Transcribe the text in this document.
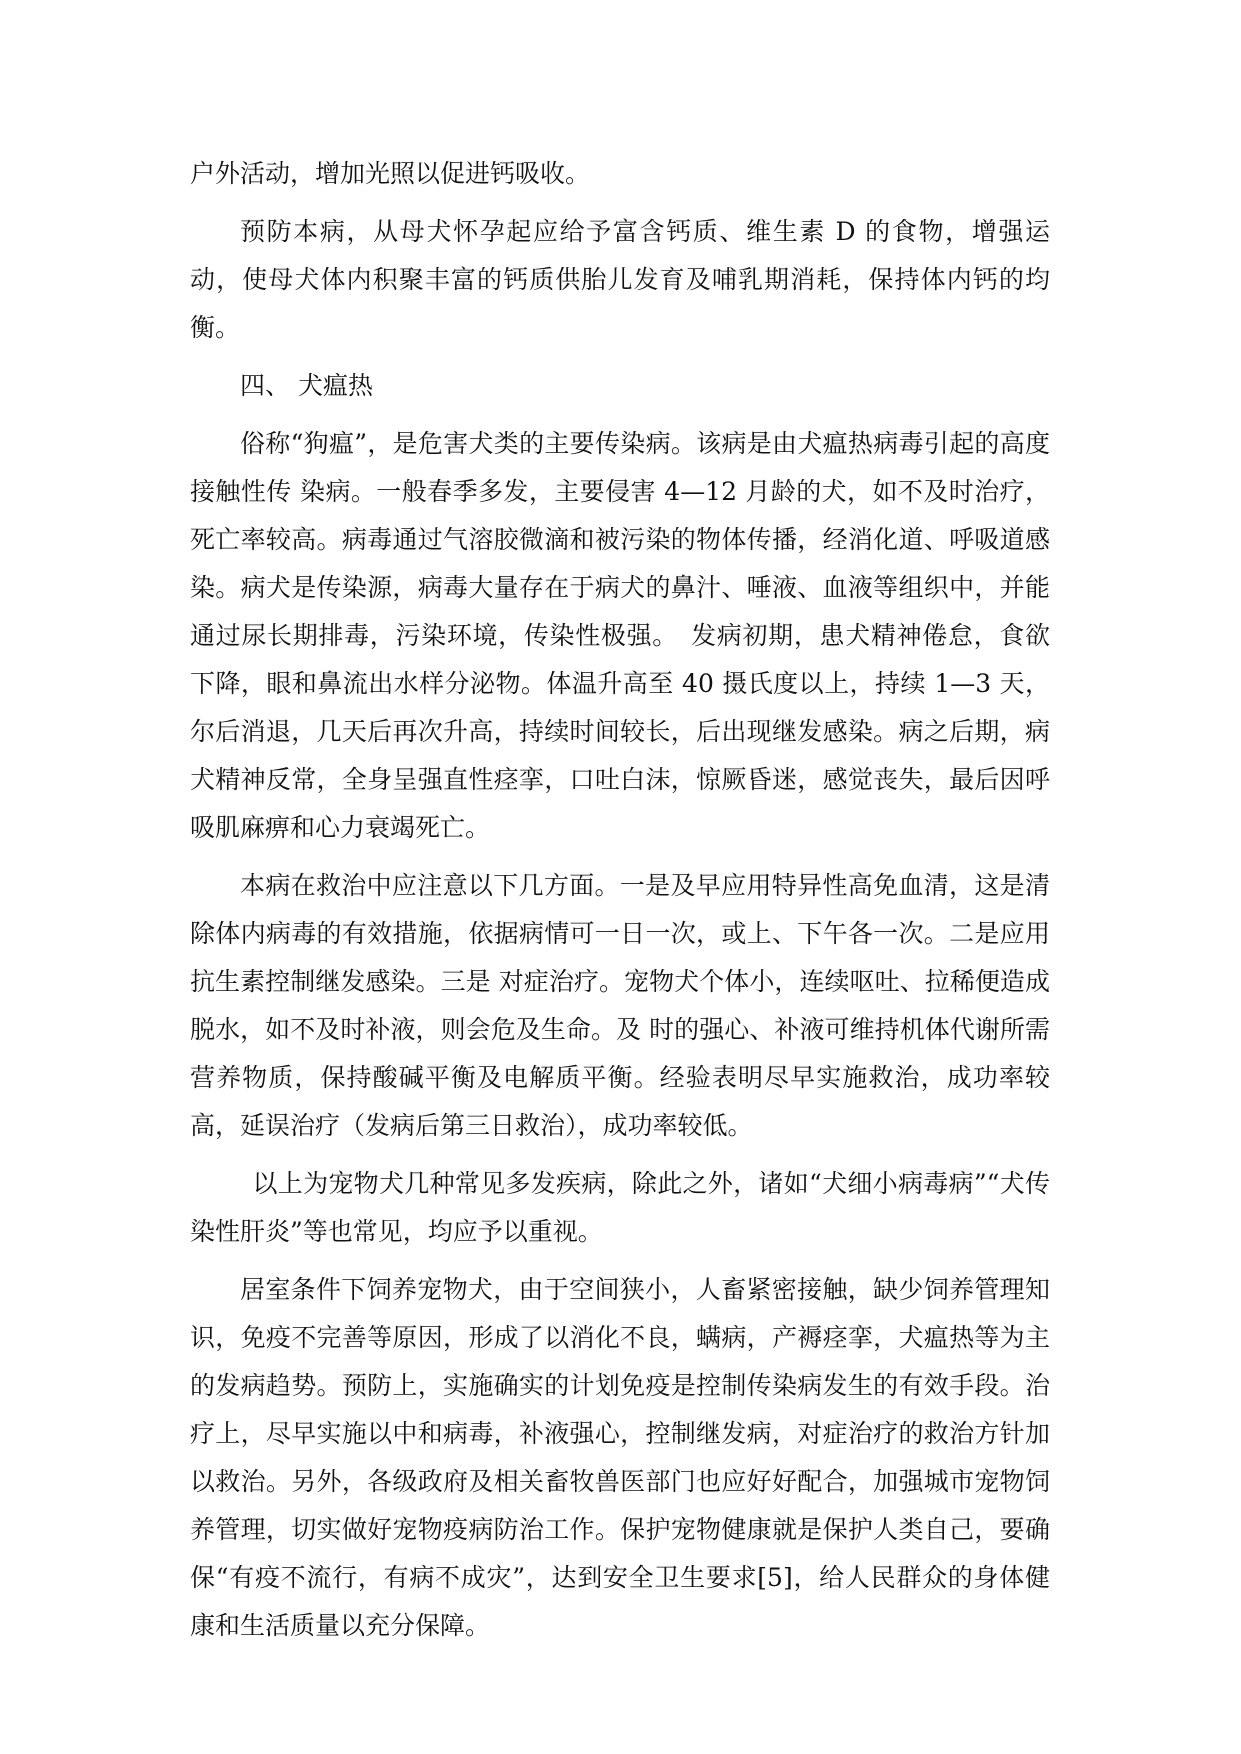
户外活动，增加光照以促进钙吸收。

预防本病，从母犬怀孕起应给予富含钙质、维生素 D 的食物，增强运动，使母犬体内积聚丰富的钙质供胎儿发育及哺乳期消耗，保持体内钙的均衡。

四、 犬瘟热

俗称“狗瘟”，是危害犬类的主要传染病。该病是由犬瘟热病毒引起的高度接触性传 染病。一般春季多发，主要侵害 4—12 月龄的犬，如不及时治疗，死亡率较高。病毒通过气溶胶微滴和被污染的物体传播，经消化道、呼吸道感染。病犬是传染源，病毒大量存在于病犬的鼻汁、唾液、血液等组织中，并能通过尿长期排毒，污染环境，传染性极强。　发病初期，患犬精神倦怠，食欲下降，眼和鼻流出水样分泌物。体温升高至 40 摄氏度以上，持续 1—3 天，尔后消退，几天后再次升高，持续时间较长，后出现继发感染。病之后期，病犬精神反常，全身呈强直性痉挛，口吐白沫，惊厥昏迷，感觉丧失，最后因呼吸肌麻痹和心力衰竭死亡。

本病在救治中应注意以下几方面。一是及早应用特异性高免血清，这是清除体内病毒的有效措施，依据病情可一日一次，或上、下午各一次。二是应用抗生素控制继发感染。三是 对症治疗。宠物犬个体小，连续呕吐、拉稀便造成脱水，如不及时补液，则会危及生命。及 时的强心、补液可维持机体代谢所需营养物质，保持酸碱平衡及电解质平衡。经验表明尽早实施救治，成功率较高，延误治疗（发病后第三日救治），成功率较低。

以上为宠物犬几种常见多发疾病，除此之外，诸如“犬细小病毒病”“犬传染性肝炎”等也常见，均应予以重视。

居室条件下饲养宠物犬，由于空间狭小，人畜紧密接触，缺少饲养管理知识，免疫不完善等原因，形成了以消化不良，螨病，产褥痉挛，犬瘟热等为主的发病趋势。预防上，实施确实的计划免疫是控制传染病发生的有效手段。治疗上，尽早实施以中和病毒，补液强心，控制继发病，对症治疗的救治方针加以救治。另外，各级政府及相关畜牧兽医部门也应好好配合，加强城市宠物饲养管理，切实做好宠物疫病防治工作。保护宠物健康就是保护人类自己，要确保“有疫不流行，有病不成灾”，达到安全卫生要求[5]，给人民群众的身体健康和生活质量以充分保障。
